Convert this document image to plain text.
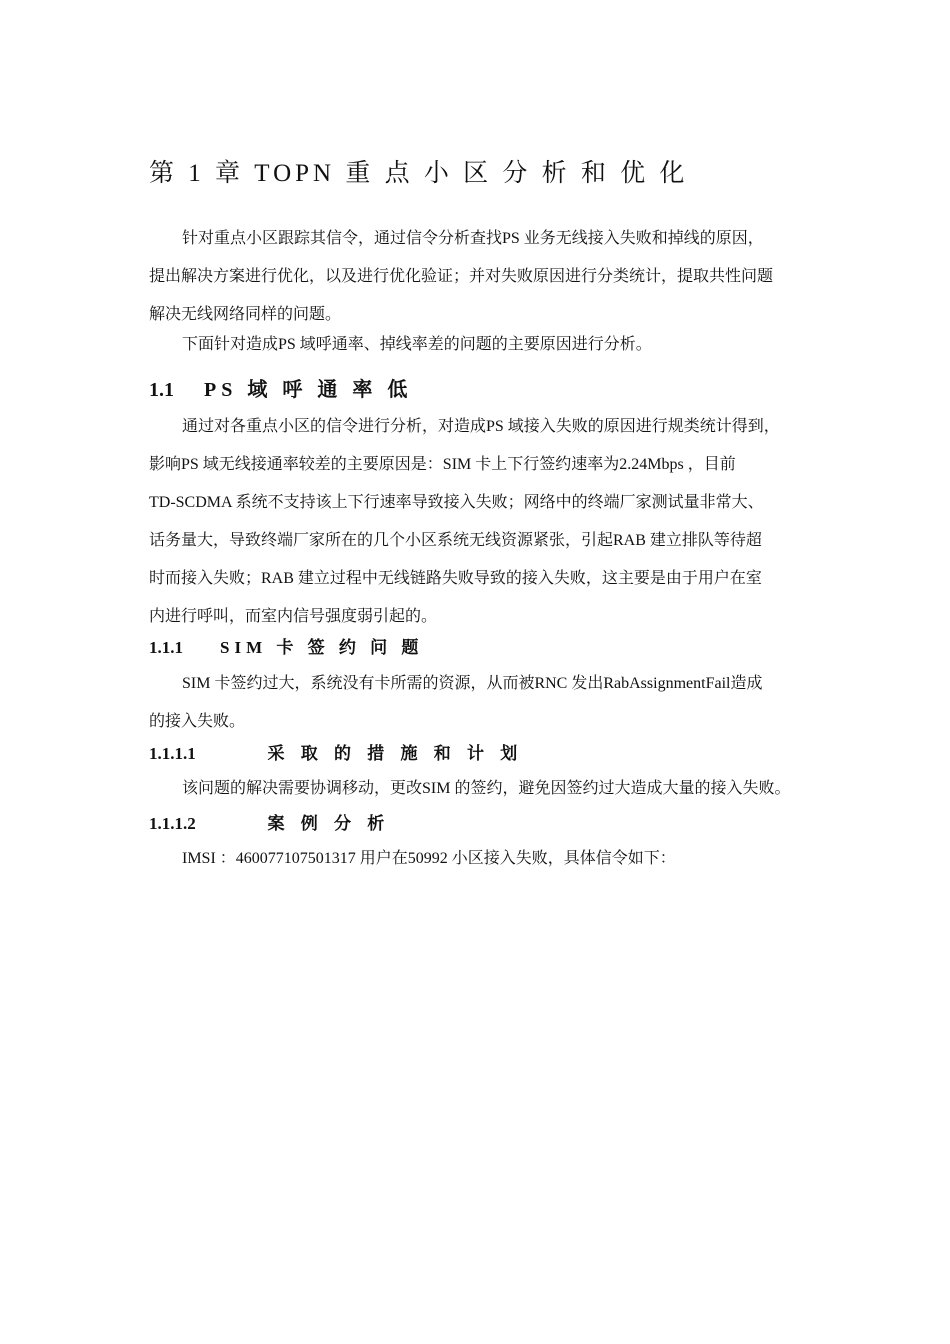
第 1 章 TOPN 重 点 小 区 分 析 和 优 化
针对重点小区跟踪其信令，通过信令分析查找PS 业务无线接入失败和掉线的原因，
提出解决方案进行优化，以及进行优化验证；并对失败原因进行分类统计，提取共性问题
解决无线网络同样的问题。
下面针对造成PS 域呼通率、掉线率差的问题的主要原因进行分析。
1.1 PS 域 呼 通 率 低
通过对各重点小区的信令进行分析，对造成PS 域接入失败的原因进行规类统计得到，
影响PS 域无线接通率较差的主要原因是：SIM 卡上下行签约速率为2.24Mbps ，目前
TD-SCDMA 系统不支持该上下行速率导致接入失败；网络中的终端厂家测试量非常大、
话务量大，导致终端厂家所在的几个小区系统无线资源紧张，引起RAB 建立排队等待超
时而接入失败；RAB 建立过程中无线链路失败导致的接入失败，这主要是由于用户在室
内进行呼叫，而室内信号强度弱引起的。
1.1.1 SIM 卡 签 约 问 题
SIM 卡签约过大，系统没有卡所需的资源，从而被RNC 发出RabAssignmentFail造成
的接入失败。
1.1.1.1	采 取 的 措 施 和 计 划
该问题的解决需要协调移动，更改SIM 的签约，避免因签约过大造成大量的接入失败。
1.1.1.2	案 例 分 析
IMSI ：460077107501317 用户在50992 小区接入失败，具体信令如下：
